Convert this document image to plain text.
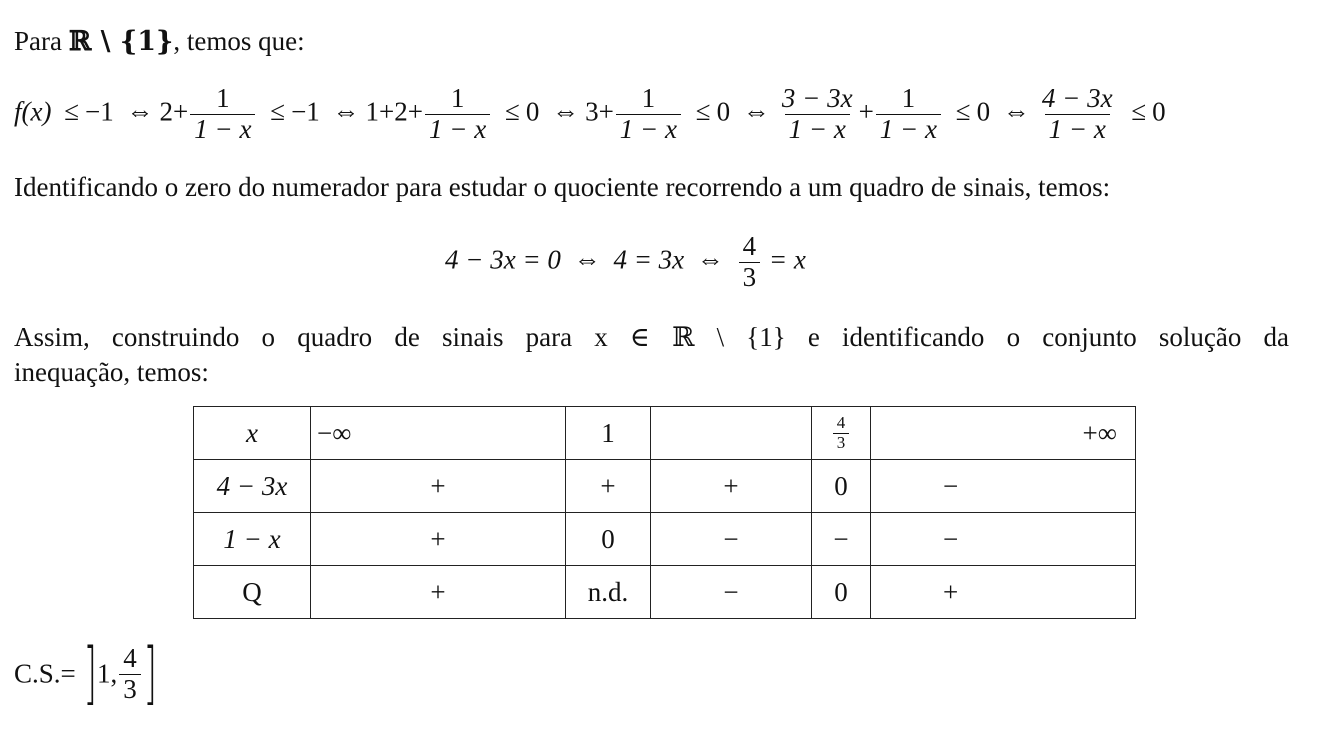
Para ℝ \ {1}, temos que:
f(x) ≤ −1 ⇔ $2+ \frac{1}{1 - x} \le -1$ ⇔ $1+2+ \frac{1}{1 - x} \le 0$ ⇔ $3+ \frac{1}{1 - x} \le 0$ ⇔ $\frac{3 - 3x}{1 - x} + \frac{1}{1 - x} \le 0$ ⇔ $\frac{4 - 3x}{1 - x} \le 0$
Identificando o zero do numerador para estudar o quociente recorrendo a um quadro de sinais, temos:
4 − 3x = 0 ⇔ 4 = 3x ⇔ $\frac{4}{3} = x$
Assim, construindo o quadro de sinais para x ∈ ℝ \ {1} e identificando o conjunto solução da
inequação, temos:
x	−∞	1		$\frac{4}{3}$	+∞
4 − 3x	+	+	+	0	−
1 − x	+	0	−	−	−
Q	+	n.d.	−	0	+
C.S.= ]1, $\frac{4}{3}$ ]
